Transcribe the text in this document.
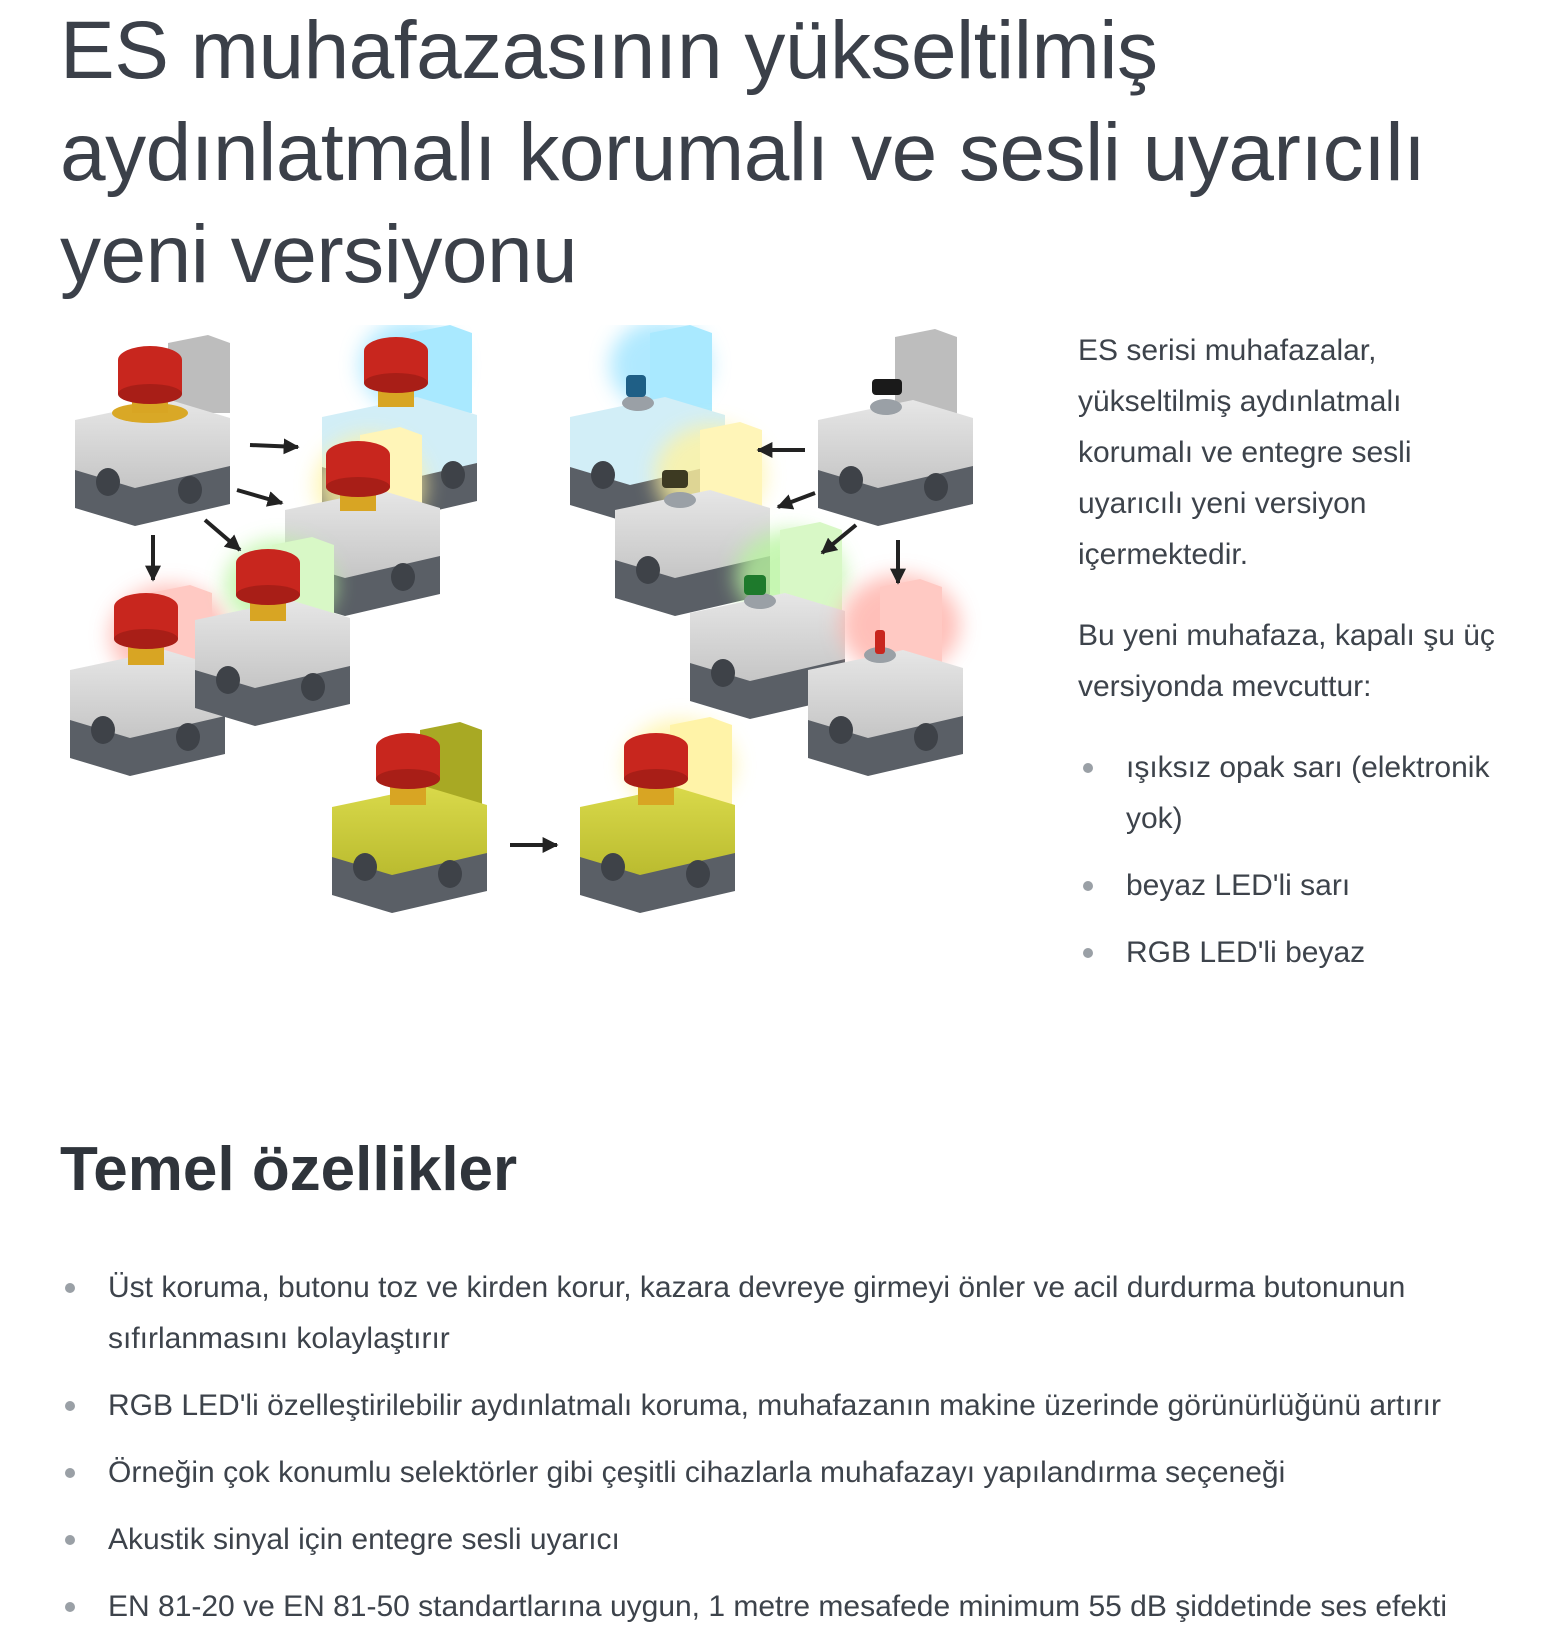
ES muhafazasının yükseltilmiş aydınlatmalı korumalı ve sesli uyarıcılı yeni versiyonu

ES serisi muhafazalar, yükseltilmiş aydınlatmalı korumalı ve entegre sesli uyarıcılı yeni versiyon içermektedir.

Bu yeni muhafaza, kapalı şu üç versiyonda mevcuttur:

ışıksız opak sarı (elektronik yok)
beyaz LED'li sarı
RGB LED'li beyaz
Temel özellikler
Üst koruma, butonu toz ve kirden korur, kazara devreye girmeyi önler ve acil durdurma butonunun sıfırlanmasını kolaylaştırır
RGB LED'li özelleştirilebilir aydınlatmalı koruma, muhafazanın makine üzerinde görünürlüğünü artırır
Örneğin çok konumlu selektörler gibi çeşitli cihazlarla muhafazayı yapılandırma seçeneği
Akustik sinyal için entegre sesli uyarıcı
EN 81-20 ve EN 81-50 standartlarına uygun, 1 metre mesafede minimum 55 dB şiddetinde ses efekti
